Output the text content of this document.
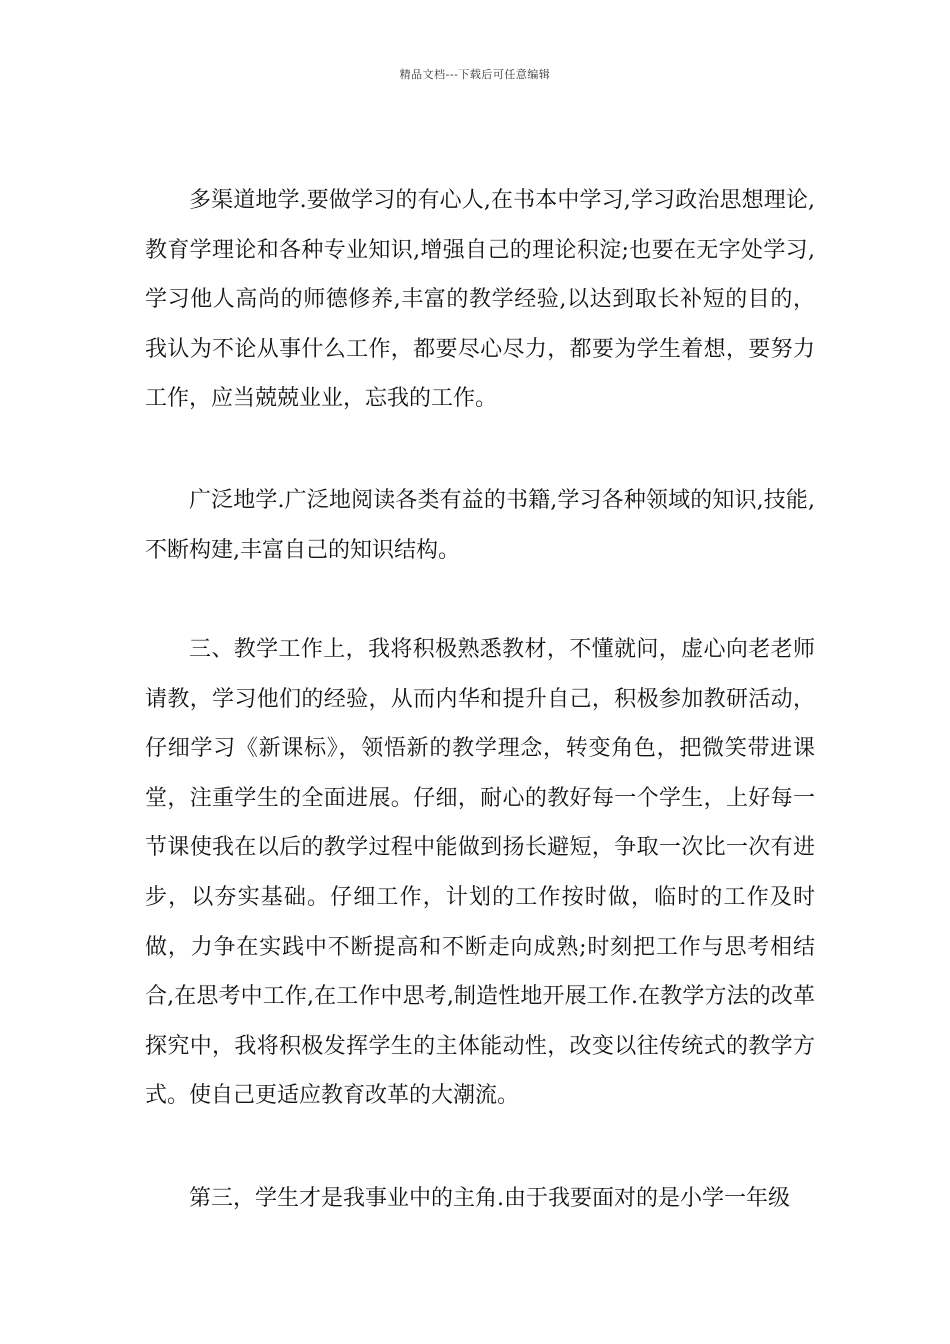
精品文档---下载后可任意编辑

多渠道地学.要做学习的有心人,在书本中学习,学习政治思想理论,教育学理论和各种专业知识,增强自己的理论积淀;也要在无字处学习,学习他人高尚的师德修养,丰富的教学经验,以达到取长补短的目的，我认为不论从事什么工作，都要尽心尽力，都要为学生着想，要努力工作，应当兢兢业业，忘我的工作。

广泛地学.广泛地阅读各类有益的书籍,学习各种领域的知识,技能,不断构建,丰富自己的知识结构。

三、教学工作上，我将积极熟悉教材，不懂就问，虚心向老老师请教，学习他们的经验，从而内华和提升自己，积极参加教研活动，仔细学习《新课标》，领悟新的教学理念，转变角色，把微笑带进课堂，注重学生的全面进展。仔细，耐心的教好每一个学生，上好每一节课使我在以后的教学过程中能做到扬长避短，争取一次比一次有进步，以夯实基础。仔细工作，计划的工作按时做，临时的工作及时做，力争在实践中不断提高和不断走向成熟;时刻把工作与思考相结合,在思考中工作,在工作中思考,制造性地开展工作.在教学方法的改革探究中，我将积极发挥学生的主体能动性，改变以往传统式的教学方式。使自己更适应教育改革的大潮流。

第三，学生才是我事业中的主角.由于我要面对的是小学一年级
